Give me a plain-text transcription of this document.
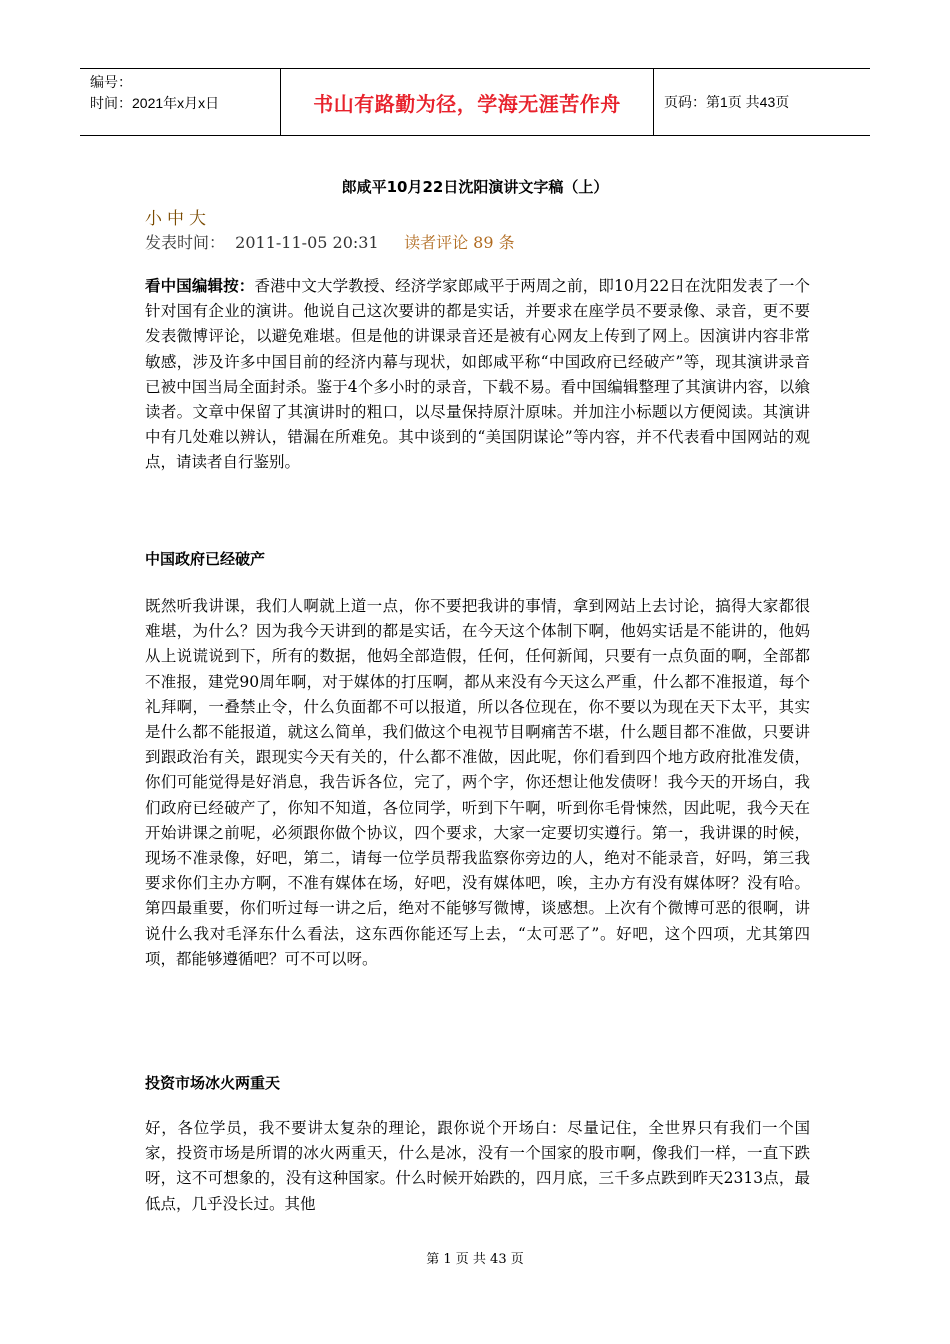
编号：
时间：2021年x月x日	书山有路勤为径，学海无涯苦作舟	页码：第1页 共43页
郎咸平10月22日沈阳演讲文字稿（上）
小中大
发表时间：  2011-11-05 20:31     读者评论 89 条
看中国编辑按：香港中文大学教授、经济学家郎咸平于两周之前，即10月22日在沈阳发表了一个针对国有企业的演讲。他说自己这次要讲的都是实话，并要求在座学员不要录像、录音，更不要发表微博评论，以避免难堪。但是他的讲课录音还是被有心网友上传到了网上。因演讲内容非常敏感，涉及许多中国目前的经济内幕与现状，如郎咸平称“中国政府已经破产”等，现其演讲录音已被中国当局全面封杀。鉴于4个多小时的录音，下载不易。看中国编辑整理了其演讲内容，以飨读者。文章中保留了其演讲时的粗口，以尽量保持原汁原味。并加注小标题以方便阅读。其演讲中有几处难以辨认，错漏在所难免。其中谈到的“美国阴谋论”等内容，并不代表看中国网站的观点，请读者自行鉴别。
中国政府已经破产
既然听我讲课，我们人啊就上道一点，你不要把我讲的事情，拿到网站上去讨论，搞得大家都很难堪，为什么？因为我今天讲到的都是实话，在今天这个体制下啊，他妈实话是不能讲的，他妈从上说谎说到下，所有的数据，他妈全部造假，任何，任何新闻，只要有一点负面的啊，全部都不准报，建党90周年啊，对于媒体的打压啊，都从来没有今天这么严重，什么都不准报道，每个礼拜啊，一叠禁止令，什么负面都不可以报道，所以各位现在，你不要以为现在天下太平，其实是什么都不能报道，就这么简单，我们做这个电视节目啊痛苦不堪，什么题目都不准做，只要讲到跟政治有关，跟现实今天有关的，什么都不准做，因此呢，你们看到四个地方政府批准发债，你们可能觉得是好消息，我告诉各位，完了，两个字，你还想让他发债呀！我今天的开场白，我们政府已经破产了，你知不知道，各位同学，听到下午啊，听到你毛骨悚然，因此呢，我今天在开始讲课之前呢，必须跟你做个协议，四个要求，大家一定要切实遵行。第一，我讲课的时候，现场不准录像，好吧，第二，请每一位学员帮我监察你旁边的人，绝对不能录音，好吗，第三我要求你们主办方啊，不准有媒体在场，好吧，没有媒体吧，唉，主办方有没有媒体呀？没有哈。第四最重要，你们听过每一讲之后，绝对不能够写微博，谈感想。上次有个微博可恶的很啊，讲说什么我对毛泽东什么看法，这东西你能还写上去，“太可恶了”。好吧，这个四项，尤其第四项，都能够遵循吧？可不可以呀。
投资市场冰火两重天
好，各位学员，我不要讲太复杂的理论，跟你说个开场白：尽量记住，全世界只有我们一个国家，投资市场是所谓的冰火两重天，什么是冰，没有一个国家的股市啊，像我们一样，一直下跌呀，这不可想象的，没有这种国家。什么时候开始跌的，四月底，三千多点跌到昨天2313点，最低点，几乎没长过。其他
第 1 页 共 43 页
